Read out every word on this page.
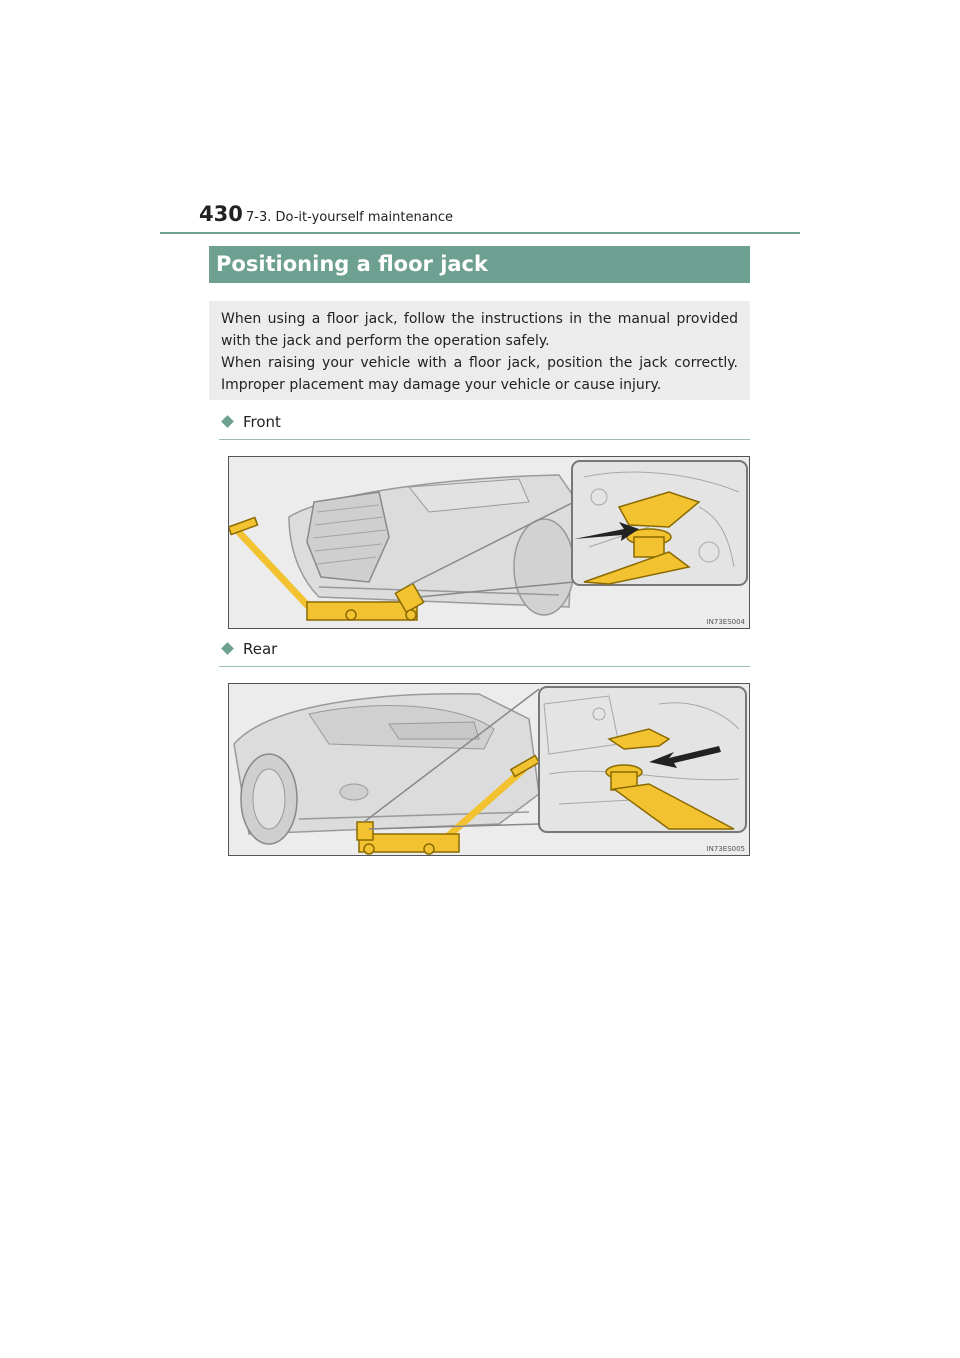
430 7-3. Do-it-yourself maintenance
Positioning a floor jack

When using a floor jack, follow the instructions in the manual provided with the jack and perform the operation safely.

When raising your vehicle with a floor jack, position the jack correctly. Improper placement may damage your vehicle or cause injury.

Front
IN73ES004
Rear
IN73ES005
